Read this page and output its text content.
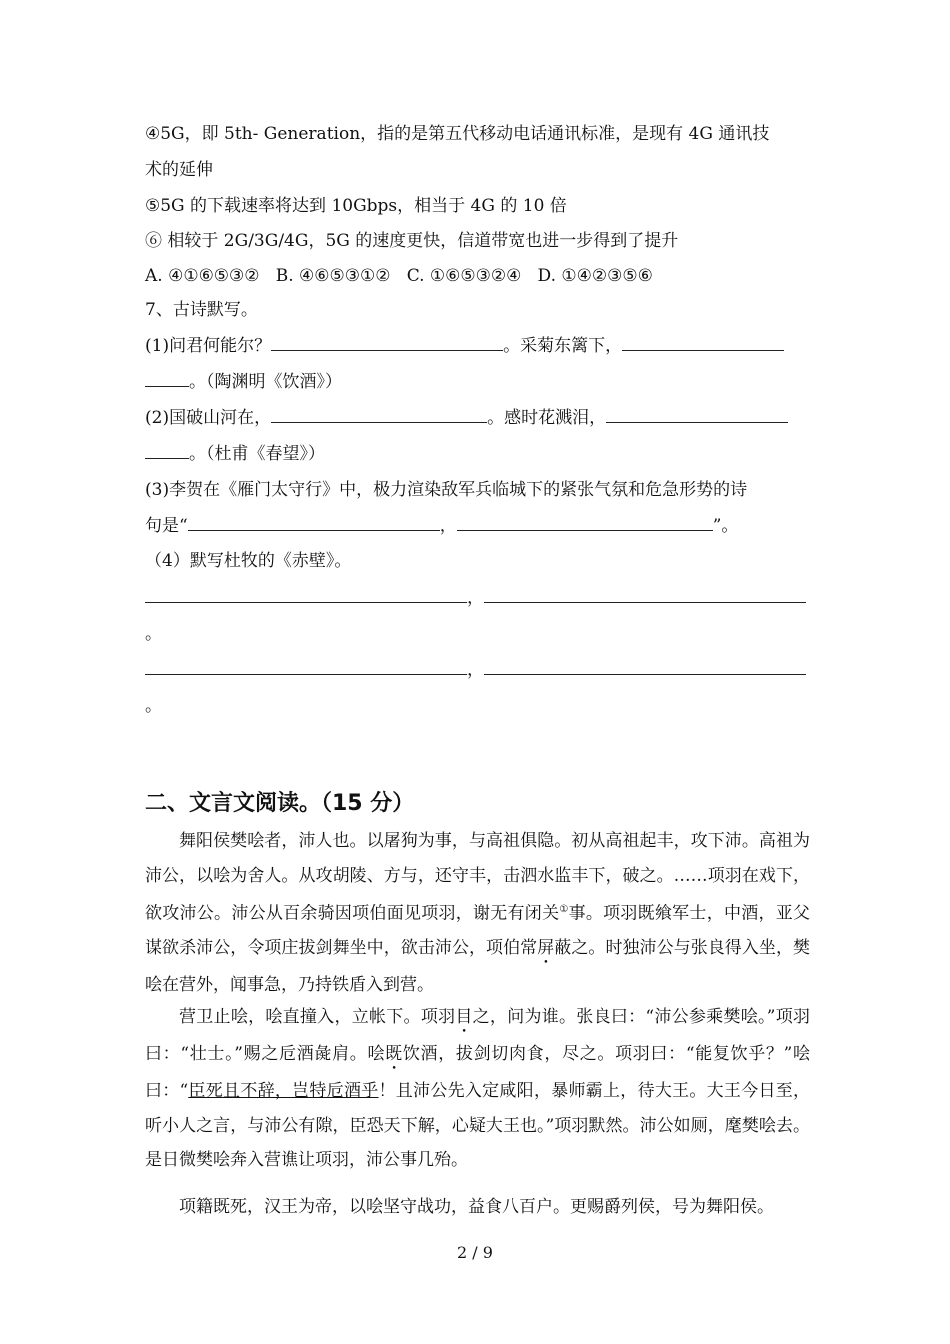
④5G，即 5th- Generation，指的是第五代移动电话通讯标准，是现有 4G 通讯技
术的延伸
⑤5G 的下载速率将达到 10Gbps，相当于 4G 的 10 倍
⑥ 相较于 2G/3G/4G，5G 的速度更快，信道带宽也进一步得到了提升
A. ④①⑥⑤③②   B. ④⑥⑤③①②   C. ①⑥⑤③②④   D. ①④②③⑤⑥
7、古诗默写。
(1)问君何能尔？	。采菊东篱下，
。（陶渊明《饮酒》）
(2)国破山河在，	。感时花溅泪，
。（杜甫《春望》）
(3)李贺在《雁门太守行》中，极力渲染敌军兵临城下的紧张气氛和危急形势的诗
句是“	，	”。
（4）默写杜牧的《赤壁》。
，
。
，
。
二、文言文阅读。（15 分）
舞阳侯樊哙者，沛人也。以屠狗为事，与高祖俱隐。初从高祖起丰，攻下沛。高祖为沛公，以哙为舍人。从攻胡陵、方与，还守丰，击泗水监丰下，破之。……项羽在戏下，欲攻沛公。沛公从百余骑因项伯面见项羽，谢无有闭关①事。项羽既飨军士，中酒，亚父谋欲杀沛公，令项庄拔剑舞坐中，欲击沛公，项伯常屏蔽之。时独沛公与张良得入坐，樊哙在营外，闻事急，乃持铁盾入到营。
营卫止哙，哙直撞入，立帐下。项羽目之，问为谁。张良曰：“沛公参乘樊哙。”项羽曰：“壮士。”赐之卮酒彘肩。哙既饮酒，拔剑切肉食，尽之。项羽曰：“能复饮乎？”哙曰：“臣死且不辞，岂特卮酒乎！且沛公先入定咸阳，暴师霸上，待大王。大王今日至，听小人之言，与沛公有隙，臣恐天下解，心疑大王也。”项羽默然。沛公如厕，麾樊哙去。是日微樊哙奔入营谯让项羽，沛公事几殆。
项籍既死，汉王为帝，以哙坚守战功，益食八百户。更赐爵列侯，号为舞阳侯。
2 / 9
